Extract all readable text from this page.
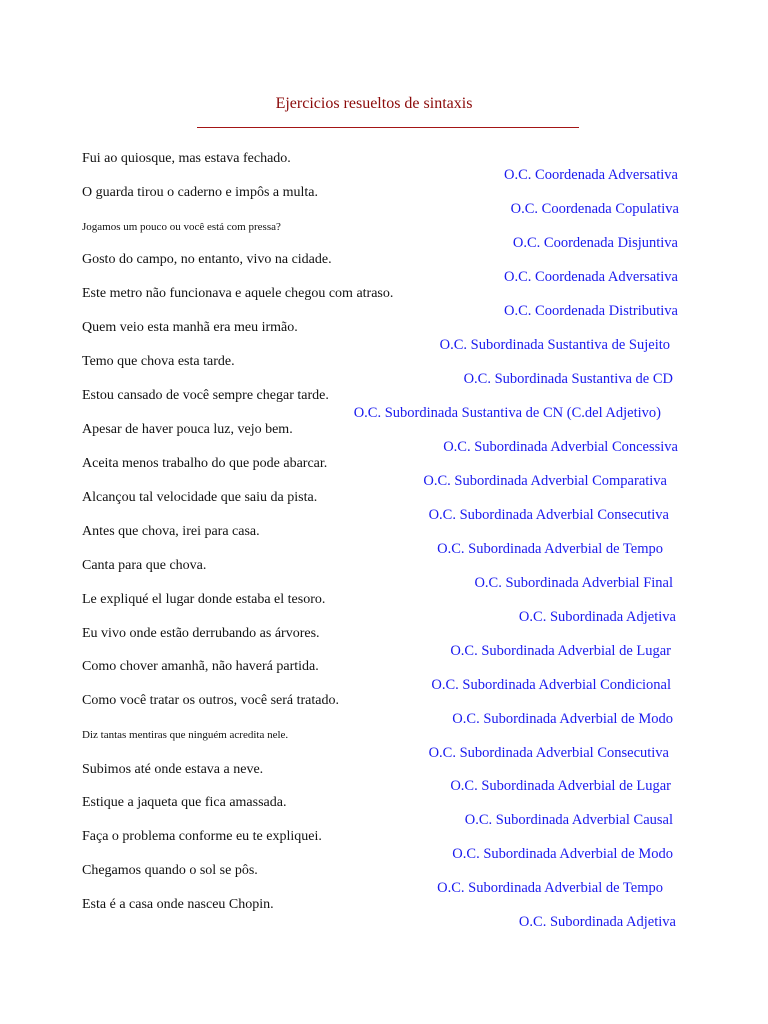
Ejercicios resueltos de sintaxis
Fui ao quiosque, mas estava fechado.
O.C. Coordenada Adversativa
O guarda tirou o caderno e impôs a multa.
O.C. Coordenada Copulativa
Jogamos um pouco ou você está com pressa?
O.C. Coordenada Disjuntiva
Gosto do campo, no entanto, vivo na cidade.
O.C. Coordenada Adversativa
Este metro não funcionava e aquele chegou com atraso.
O.C. Coordenada Distributiva
Quem veio esta manhã era meu irmão.
O.C. Subordinada Sustantiva de Sujeito
Temo que chova esta tarde.
O.C. Subordinada Sustantiva de CD
Estou cansado de você sempre chegar tarde.
O.C. Subordinada Sustantiva de CN (C.del Adjetivo)
Apesar de haver pouca luz, vejo bem.
O.C. Subordinada Adverbial Concessiva
Aceita menos trabalho do que pode abarcar.
O.C. Subordinada Adverbial Comparativa
Alcançou tal velocidade que saiu da pista.
O.C. Subordinada Adverbial Consecutiva
Antes que chova, irei para casa.
O.C. Subordinada Adverbial de Tempo
Canta para que chova.
O.C. Subordinada Adverbial Final
Le expliqué el lugar donde estaba el tesoro.
O.C. Subordinada Adjetiva
Eu vivo onde estão derrubando as árvores.
O.C. Subordinada Adverbial de Lugar
Como chover amanhã, não haverá partida.
O.C. Subordinada Adverbial Condicional
Como você tratar os outros, você será tratado.
O.C. Subordinada Adverbial de Modo
Diz tantas mentiras que ninguém acredita nele.
O.C. Subordinada Adverbial Consecutiva
Subimos até onde estava a neve.
O.C. Subordinada Adverbial de Lugar
Estique a jaqueta que fica amassada.
O.C. Subordinada Adverbial Causal
Faça o problema conforme eu te expliquei.
O.C. Subordinada Adverbial de Modo
Chegamos quando o sol se pôs.
O.C. Subordinada Adverbial de Tempo
Esta é a casa onde nasceu Chopin.
O.C. Subordinada Adjetiva
